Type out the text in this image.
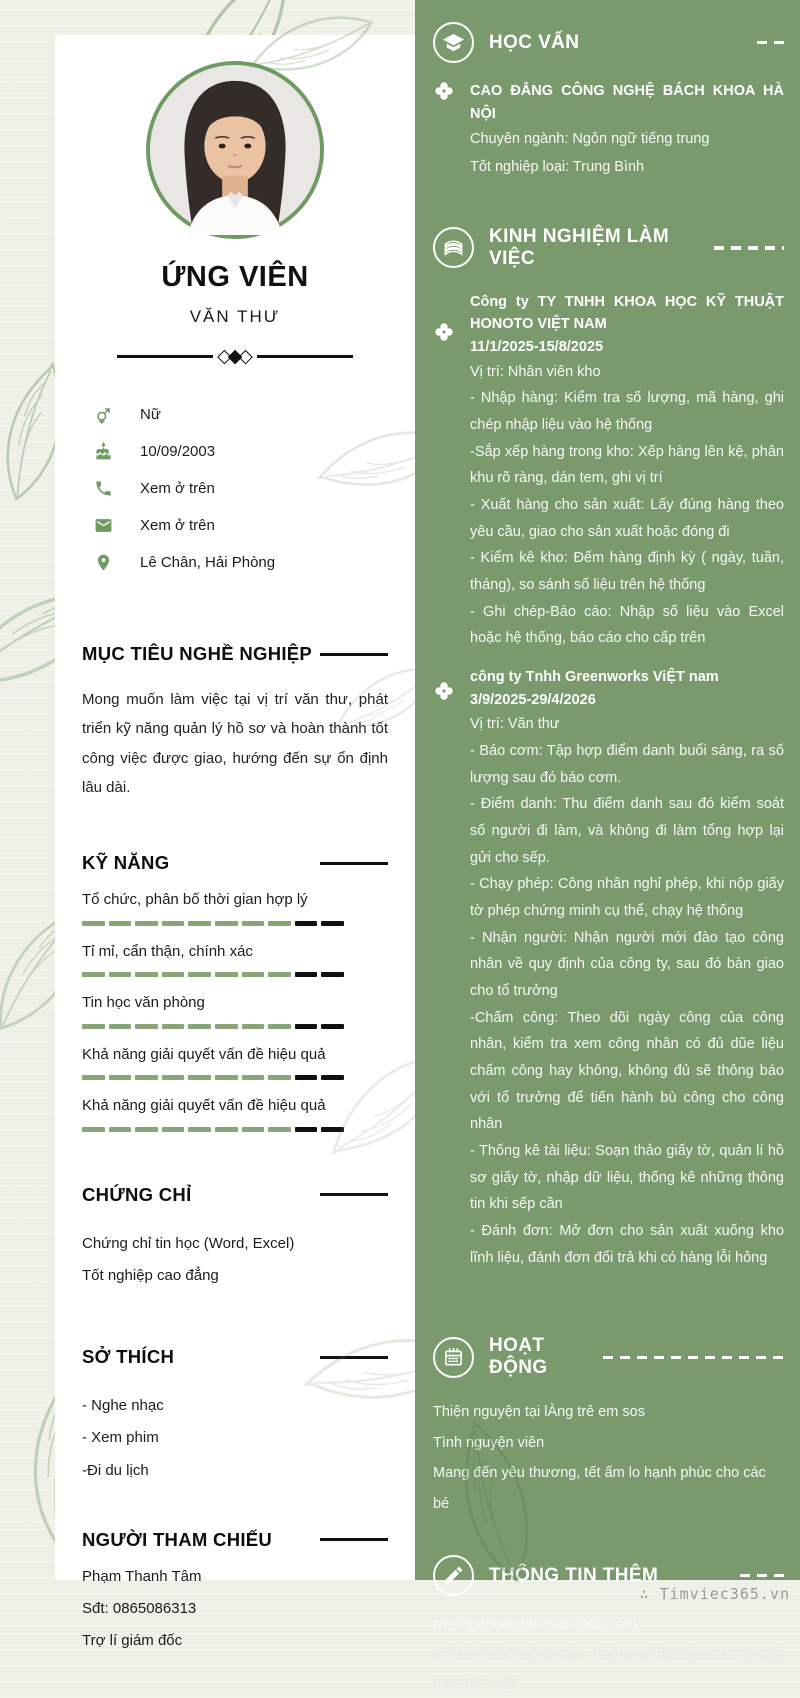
ỨNG VIÊN
VĂN THƯ
◇◆◇
Nữ
10/09/2003
Xem ở trên
Xem ở trên
Lê Chân, Hải Phòng
MỤC TIÊU NGHỀ NGHIỆP

Mong muốn làm việc tại vị trí văn thư, phát triển kỹ năng quản lý hồ sơ và hoàn thành tốt công việc được giao, hướng đến sự ổn định lâu dài.

KỸ NĂNG
Tổ chức, phân bố thời gian hợp lý
Tỉ mỉ, cẩn thận, chính xác
Tin học văn phòng
Khả năng giải quyết vấn đề hiệu quả
Khả năng giải quyết vấn đề hiệu quả
CHỨNG CHỈ
Chứng chỉ tin học (Word, Excel)
Tốt nghiệp cao đẳng
SỞ THÍCH
- Nghe nhạc
- Xem phim
-Đi du lịch
NGƯỜI THAM CHIẾU
Phạm Thanh Tâm
Sđt: 0865086313
Trợ lí giám đốc
HỌC VẤN
CAO ĐẲNG CÔNG NGHỆ BÁCH KHOA HÀ NỘI
Chuyên ngành: Ngôn ngữ tiếng trung
Tốt nghiệp loại: Trung Bình
KINH NGHIỆM LÀM VIỆC
Công ty TY TNHH KHOA HỌC KỸ THUẬT HONOTO VIỆT NAM
11/1/2025-15/8/2025
Vị trí: Nhân viên kho
- Nhập hàng: Kiểm tra số lượng, mã hàng, ghi chép nhập liệu vào hệ thống
-Sắp xếp hàng trong kho: Xếp hàng lên kệ, phân khu rõ ràng, dán tem, ghi vị trí
- Xuất hàng cho sản xuất: Lấy đúng hàng theo yêu cầu, giao cho sản xuất hoặc đóng đi
- Kiểm kê kho: Đếm hàng định kỳ ( ngày, tuần, tháng), so sánh số liệu trên hệ thống
- Ghi chép-Báo cáo: Nhập số liệu vào Excel hoặc hệ thống, báo cáo cho cấp trên
công ty Tnhh Greenworks ViỆT nam
3/9/2025-29/4/2026
Vị trí: Văn thư
- Báo cơm: Tập hợp điểm danh buổi sáng, ra số lượng sau đó báo cơm.
- Điểm danh: Thu điểm danh sau đó kiểm soát số người đi làm, và không đi làm tổng hợp lại gửi cho sếp.
- Chạy phép: Công nhân nghỉ phép, khi nộp giấy tờ phép chứng minh cụ thể, chạy hệ thống
- Nhận người: Nhận người mới đào tạo công nhân về quy định của công ty, sau đó bàn giao cho tổ trưởng
-Chấm công: Theo dõi ngày công của công nhân, kiểm tra xem công nhân có đủ dũe liệu chấm công hay không, không đủ sẽ thông báo với tổ trưởng để tiến hành bù công cho công nhân
- Thống kê tài liệu: Soạn thảo giấy tờ, quản lí hồ sơ giấy tờ, nhập dữ liệu, thống kê những thông tin khi sếp cần
- Đánh đơn: Mở đơn cho sản xuất xuống kho lĩnh liệu, đánh đơn đổi trả khi có hàng lỗi hỏng
HOẠT ĐỘNG
Thiện nguyện tại lÀng trẻ em sos
Tình nguyện viên
Mang đến yêu thương, tết ấm lo hạnh phúc cho các bé
THÔNG TIN THÊM
Những thông tin khác (nếu cần)
Mô tả chi tiết công việc, những gì đạt được trong quá trình làm việc.
∴ Timviec365.vn
